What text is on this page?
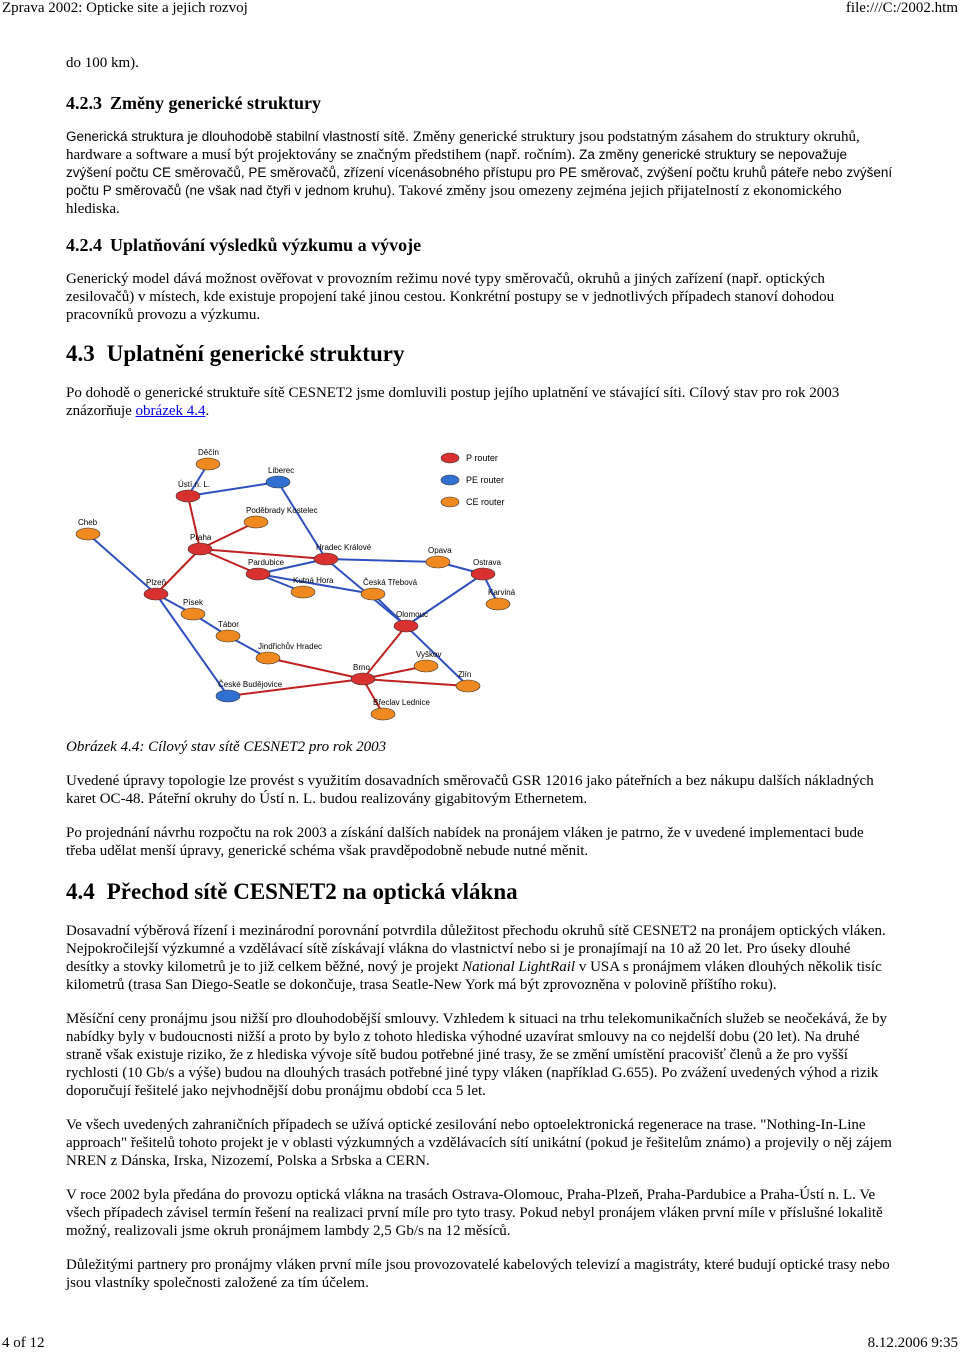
Zprava 2002: Opticke site a jejich rozvoj	file:///C:/2002.htm

do 100 km).

4.2.3 Změny generické struktury

Generická struktura je dlouhodobě stabilní vlastností sítě. Změny generické struktury jsou podstatným zásahem do struktury okruhů, hardware a software a musí být projektovány se značným předstihem (např. ročním). Za změny generické struktury se nepovažuje zvýšení počtu CE směrovačů, PE směrovačů, zřízení vícenásobného přístupu pro PE směrovač, zvýšení počtu kruhů páteře nebo zvýšení počtu P směrovačů (ne však nad čtyři v jednom kruhu). Takové změny jsou omezeny zejména jejich přijatelností z ekonomického hlediska.

4.2.4 Uplatňování výsledků výzkumu a vývoje

Generický model dává možnost ověřovat v provozním režimu nové typy směrovačů, okruhů a jiných zařízení (např. optických zesilovačů) v místech, kde existuje propojení také jinou cestou. Konkrétní postupy se v jednotlivých případech stanoví dohodou pracovníků provozu a výzkumu.

4.3 Uplatnění generické struktury

Po dohodě o generické struktuře sítě CESNET2 jsme domluvili postup jejího uplatnění ve stávající síti. Cílový stav pro rok 2003 znázorňuje obrázek 4.4.

Děčín
Ústí n. L.
Liberec
Cheb
Poděbrady Kostelec
Praha
Hradec Králové
Pardubice
Opava
Ostrava
Plzeň	Kutná Hora	Česká Třebová
Karviná
Písek
Tábor
Olomouc
Jindřichův Hradec
Vyškov
Brno
Zlín
České Budějovice
Břeclav Lednice
P router
PE router
CE router

Obrázek 4.4: Cílový stav sítě CESNET2 pro rok 2003

Uvedené úpravy topologie lze provést s využitím dosavadních směrovačů GSR 12016 jako páteřních a bez nákupu dalších nákladných karet OC-48. Páteřní okruhy do Ústí n. L. budou realizovány gigabitovým Ethernetem.

Po projednání návrhu rozpočtu na rok 2003 a získání dalších nabídek na pronájem vláken je patrno, že v uvedené implementaci bude třeba udělat menší úpravy, generické schéma však pravděpodobně nebude nutné měnit.

4.4 Přechod sítě CESNET2 na optická vlákna

Dosavadní výběrová řízení i mezinárodní porovnání potvrdila důležitost přechodu okruhů sítě CESNET2 na pronájem optických vláken. Nejpokročilejší výzkumné a vzdělávací sítě získávají vlákna do vlastnictví nebo si je pronajímají na 10 až 20 let. Pro úseky dlouhé desítky a stovky kilometrů je to již celkem běžné, nový je projekt National LightRail v USA s pronájmem vláken dlouhých několik tisíc kilometrů (trasa San Diego-Seatle se dokončuje, trasa Seatle-New York má být zprovozněna v polovině příštího roku).

Měsíční ceny pronájmu jsou nižší pro dlouhodobější smlouvy. Vzhledem k situaci na trhu telekomunikačních služeb se neočekává, že by nabídky byly v budoucnosti nižší a proto by bylo z tohoto hlediska výhodné uzavírat smlouvy na co nejdelší dobu (20 let). Na druhé straně však existuje riziko, že z hlediska vývoje sítě budou potřebné jiné trasy, že se změní umístění pracovišť členů a že pro vyšší rychlosti (10 Gb/s a výše) budou na dlouhých trasách potřebné jiné typy vláken (například G.655). Po zvážení uvedených výhod a rizik doporučují řešitelé jako nejvhodnější dobu pronájmu období cca 5 let.

Ve všech uvedených zahraničních případech se užívá optické zesilování nebo optoelektronická regenerace na trase. "Nothing-In-Line approach" řešitelů tohoto projekt je v oblasti výzkumných a vzdělávacích sítí unikátní (pokud je řešitelům známo) a projevily o něj zájem NREN z Dánska, Irska, Nizozemí, Polska a Srbska a CERN.

V roce 2002 byla předána do provozu optická vlákna na trasách Ostrava-Olomouc, Praha-Plzeň, Praha-Pardubice a Praha-Ústí n. L. Ve všech případech závisel termín řešení na realizaci první míle pro tyto trasy. Pokud nebyl pronájem vláken první míle v příslušné lokalitě možný, realizovali jsme okruh pronájmem lambdy 2,5 Gb/s na 12 měsíců.

Důležitými partnery pro pronájmy vláken první míle jsou provozovatelé kabelových televizí a magistráty, které budují optické trasy nebo jsou vlastníky společnosti založené za tím účelem.

4 of 12	8.12.2006 9:35
